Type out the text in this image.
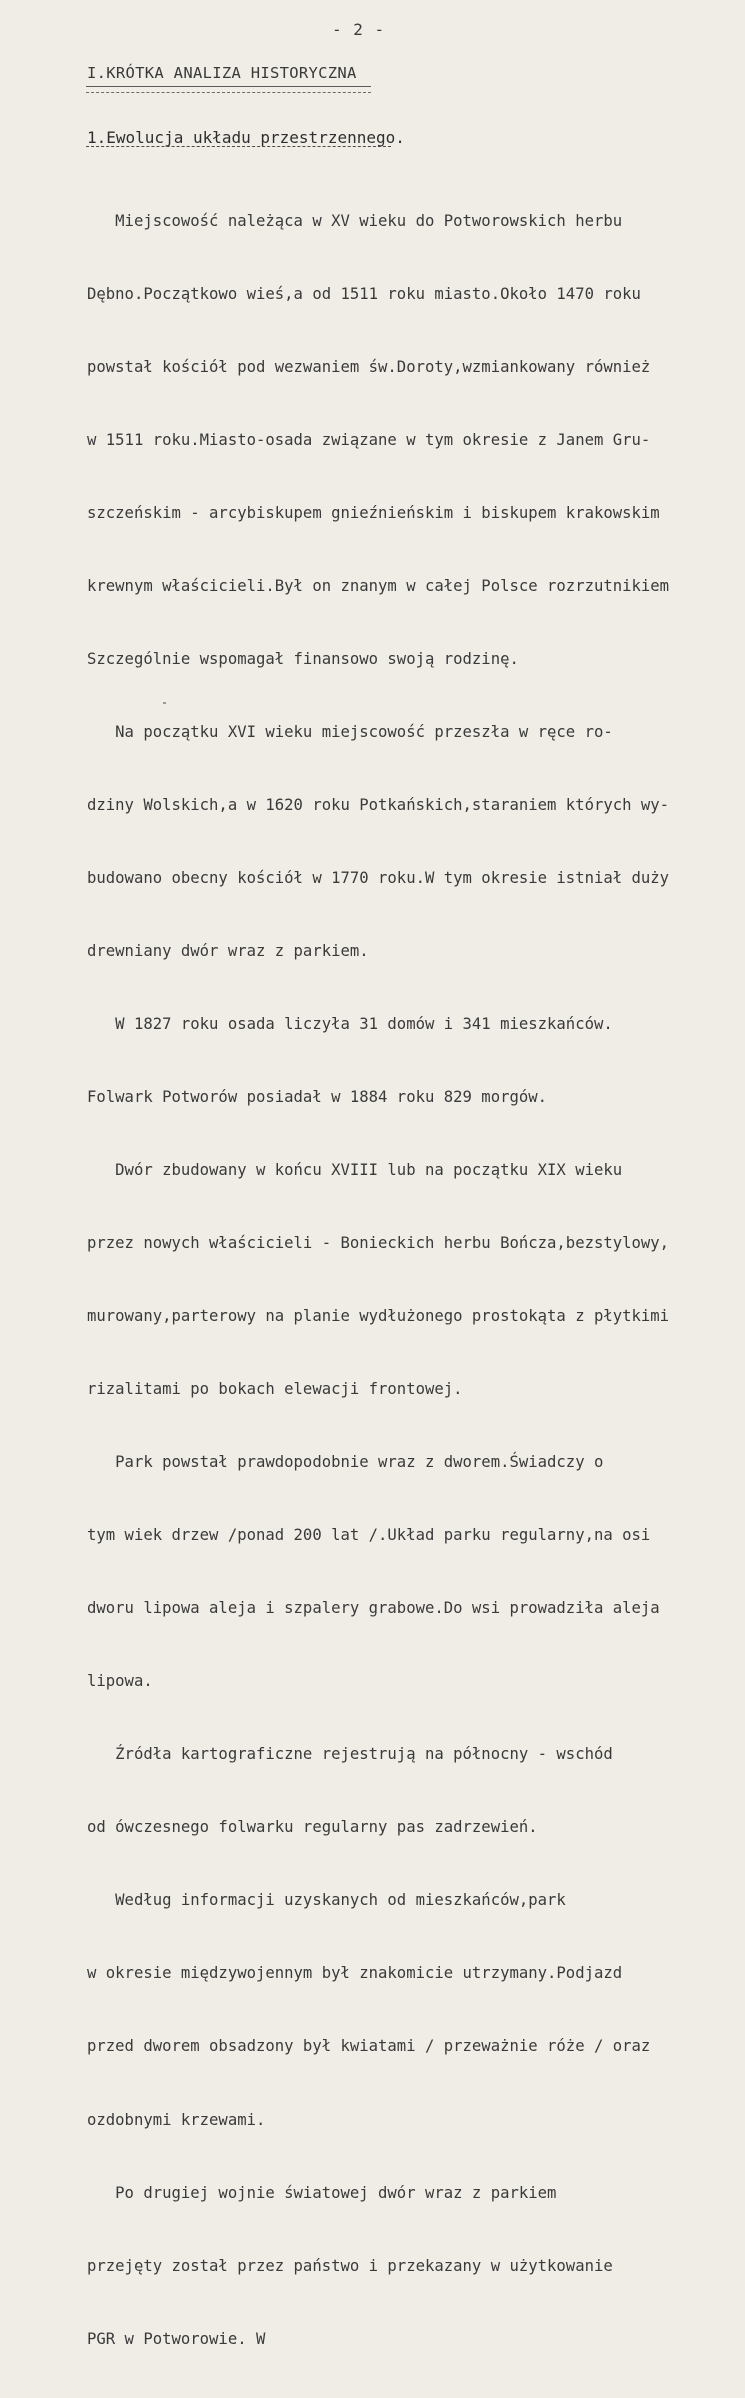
- 2 -
I.KRÓTKA ANALIZA HISTORYCZNA
1.Ewolucja układu przestrzennego.

Miejscowość należąca w XV wieku do Potworowskich herbu

Dębno.Początkowo wieś,a od 1511 roku miasto.Około 1470 roku

powstał kościół pod wezwaniem św.Doroty,wzmiankowany również

w 1511 roku.Miasto-osada związane w tym okresie z Janem Gru-

szczeńskim - arcybiskupem gnieźnieńskim i biskupem krakowskim

krewnym właścicieli.Był on znanym w całej Polsce rozrzutnikiem

Szczególnie wspomagał finansowo swoją rodzinę.

Na początku XVI wieku miejscowość przeszła w ręce ro-

dziny Wolskich,a w 1620 roku Potkańskich,staraniem których wy-

budowano obecny kościół w 1770 roku.W tym okresie istniał duży

drewniany dwór wraz z parkiem.

W 1827 roku osada liczyła 31 domów i 341 mieszkańców.

Folwark Potworów posiadał w 1884 roku 829 morgów.

Dwór zbudowany w końcu XVIII lub na początku XIX wieku

przez nowych właścicieli - Bonieckich herbu Bończa,bezstylowy,

murowany,parterowy na planie wydłużonego prostokąta z płytkimi

rizalitami po bokach elewacji frontowej.

Park powstał prawdopodobnie wraz z dworem.Świadczy o

tym wiek drzew /ponad 200 lat /.Układ parku regularny,na osi

dworu lipowa aleja i szpalery grabowe.Do wsi prowadziła aleja

lipowa.

Źródła kartograficzne rejestrują na północny - wschód

od ówczesnego folwarku regularny pas zadrzewień.

Według informacji uzyskanych od mieszkańców,park

w okresie międzywojennym był znakomicie utrzymany.Podjazd

przed dworem obsadzony był kwiatami / przeważnie róże / oraz

ozdobnymi krzewami.

Po drugiej wojnie światowej dwór wraz z parkiem

przejęty został przez państwo i przekazany w użytkowanie

PGR w Potworowie. W
